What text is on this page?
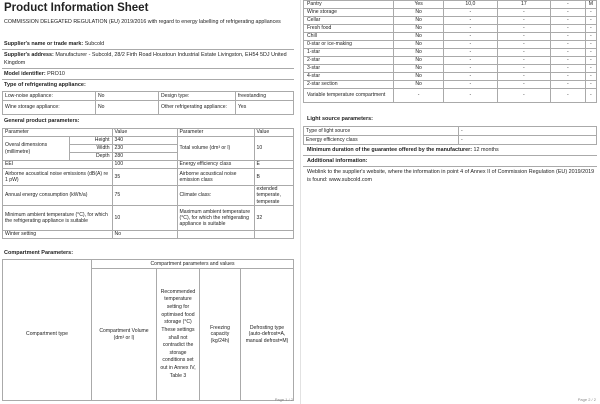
Product Information Sheet
COMMISSION DELEGATED REGULATION (EU) 2019/2016 with regard to energy labelling of refrigerating appliances
Supplier's name or trade mark: Subcold
Supplier's address: Manufacturer - Subcold, 28/2 Firth Road Houstoun Industrial Estate Livingston, EH54 5DJ United Kingdom
Model identifier: PRO10
Type of refrigerating appliance:
Low-noise appliance:	No	Design type:	freestanding
Wine storage appliance:	No	Other refrigerating appliance:	Yes
General product parameters:
Parameter		Value	Parameter	Value
Overal dimensions (millimetre)	Height	340	Total volume (dm³ or l)	10
	Width	230		
	Depth	280		
EEI		100	Energy efficiency class	E
Airborne acoustical noise emissions (dB(A) re 1 pW)		35	Airborne acoustical noise emission class	B
Annual energy consumption (kWh/a)		75	Climate class:	extended temperate, temperate
Minimum ambient temperature (°C), for which the refrigerating appliance is suitable		10	Maximum ambient temperature (°C), for which the refrigerating appliance is suitable	32
Winter setting		No		
Compartment Parameters:
	Compartment parameters and values			
Compartment type	Compartment Volume (dm³ or l)	Recommended temperature setting for optimised food storage (°C) These settings shall not contradict the storage conditions set out in Annex IV, Table 3	Freezing capacity (kg/24h)	Defrosting type (auto-defrost=A, manual defrost=M)
Page 1 / 2
Pantry	Yes	10,0	17	-	M
Wine storage	No	-	-	-	-
Cellar	No	-	-	-	-
Fresh food	No	-	-	-	-
Chill	No	-	-	-	-
0-star or ice-making	No	-	-	-	-
1-star	No	-	-	-	-
2-star	No	-	-	-	-
3-star	No	-	-	-	-
4-star	No	-	-	-	-
2-star section	No	-	-	-	-
Variable temperature compartment	-	-	-	-	-
Light source parameters:
Type of light source	-
Energy efficiency class	-
Minimum duration of the guarantee offered by the manufacturer: 12 months
Additional information:
Weblink to the supplier's website, where the information in point 4 of Annex II of Commission Regulation (EU) 2019/2019 is found: www.subcold.com
Page 2 / 2
